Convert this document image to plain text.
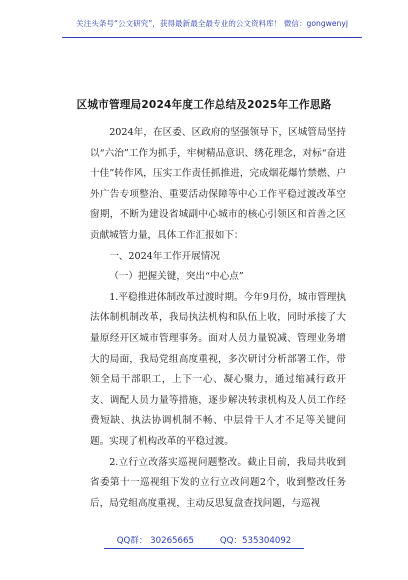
关注头条号“公文研究”，获得最新最全最专业的公文资料库！ 微信：gongwenyj
区城市管理局2024年度工作总结及2025年工作思路

2024年，在区委、区政府的坚强领导下，区城管局坚持以“六治”工作为抓手，牢树精品意识、绣花理念，对标“奋进十佳”转作风，压实工作责任抓推进，完成烟花爆竹禁燃、户外广告专项整治、重要活动保障等中心工作平稳过渡改革空窗期，不断为建设省城副中心城市的核心引领区和首善之区贡献城管力量，具体工作汇报如下：

一、2024年工作开展情况

（一）把握关键，突出“中心点”

1.平稳推进体制改革过渡时期。今年9月份，城市管理执法体制机制改革，我局执法机构和队伍上收，同时承接了大量原经开区城市管理事务。面对人员力量锐减、管理业务增大的局面，我局党组高度重视，多次研讨分析部署工作，带领全局干部职工，上下一心、凝心聚力，通过缩减行政开支、调配人员力量等措施，逐步解决转隶机构及人员工作经费短缺、执法协调机制不畅、中层骨干人才不足等关键问题。实现了机构改革的平稳过渡。

2.立行立改落实巡视问题整改。截止目前，我局共收到省委第十一巡视组下发的立行立改问题2个，收到整改任务后，局党组高度重视，主动反思复盘查找问题，与巡视

QQ群： 30265665	QQ：535304092
